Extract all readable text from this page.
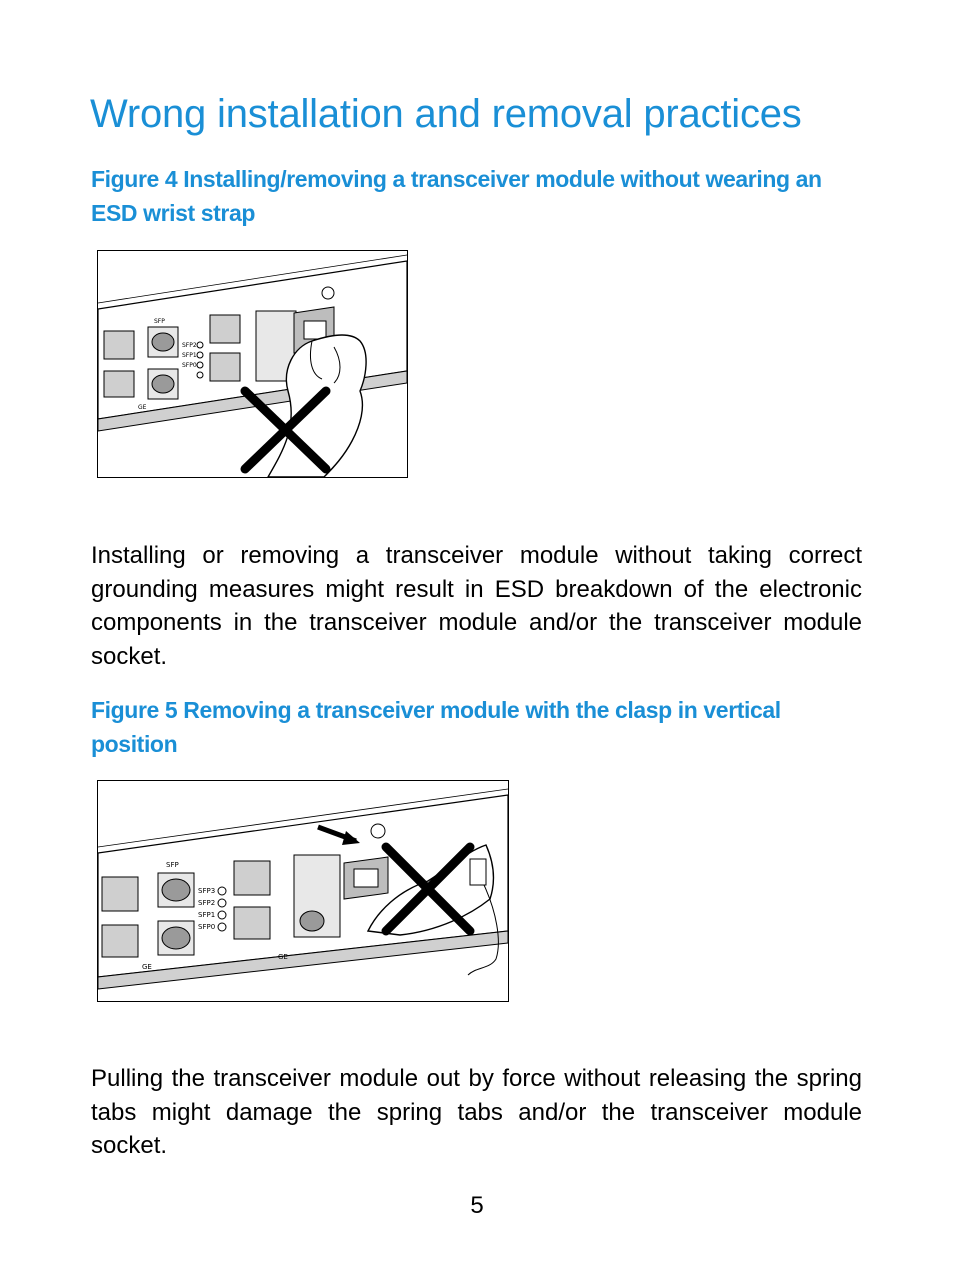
Wrong installation and removal practices

Figure 4 Installing/removing a transceiver module without wearing an ESD wrist strap

SFP2
SFP1
SFP0
SFP
GE

Installing or removing a transceiver module without taking correct grounding measures might result in ESD breakdown of the electronic components in the transceiver module and/or the transceiver module socket.

Figure 5 Removing a transceiver module with the clasp in vertical position

SFP
SFP3
SFP2
SFP1
SFP0
GE
GE

Pulling the transceiver module out by force without releasing the spring tabs might damage the spring tabs and/or the transceiver module socket.

5
